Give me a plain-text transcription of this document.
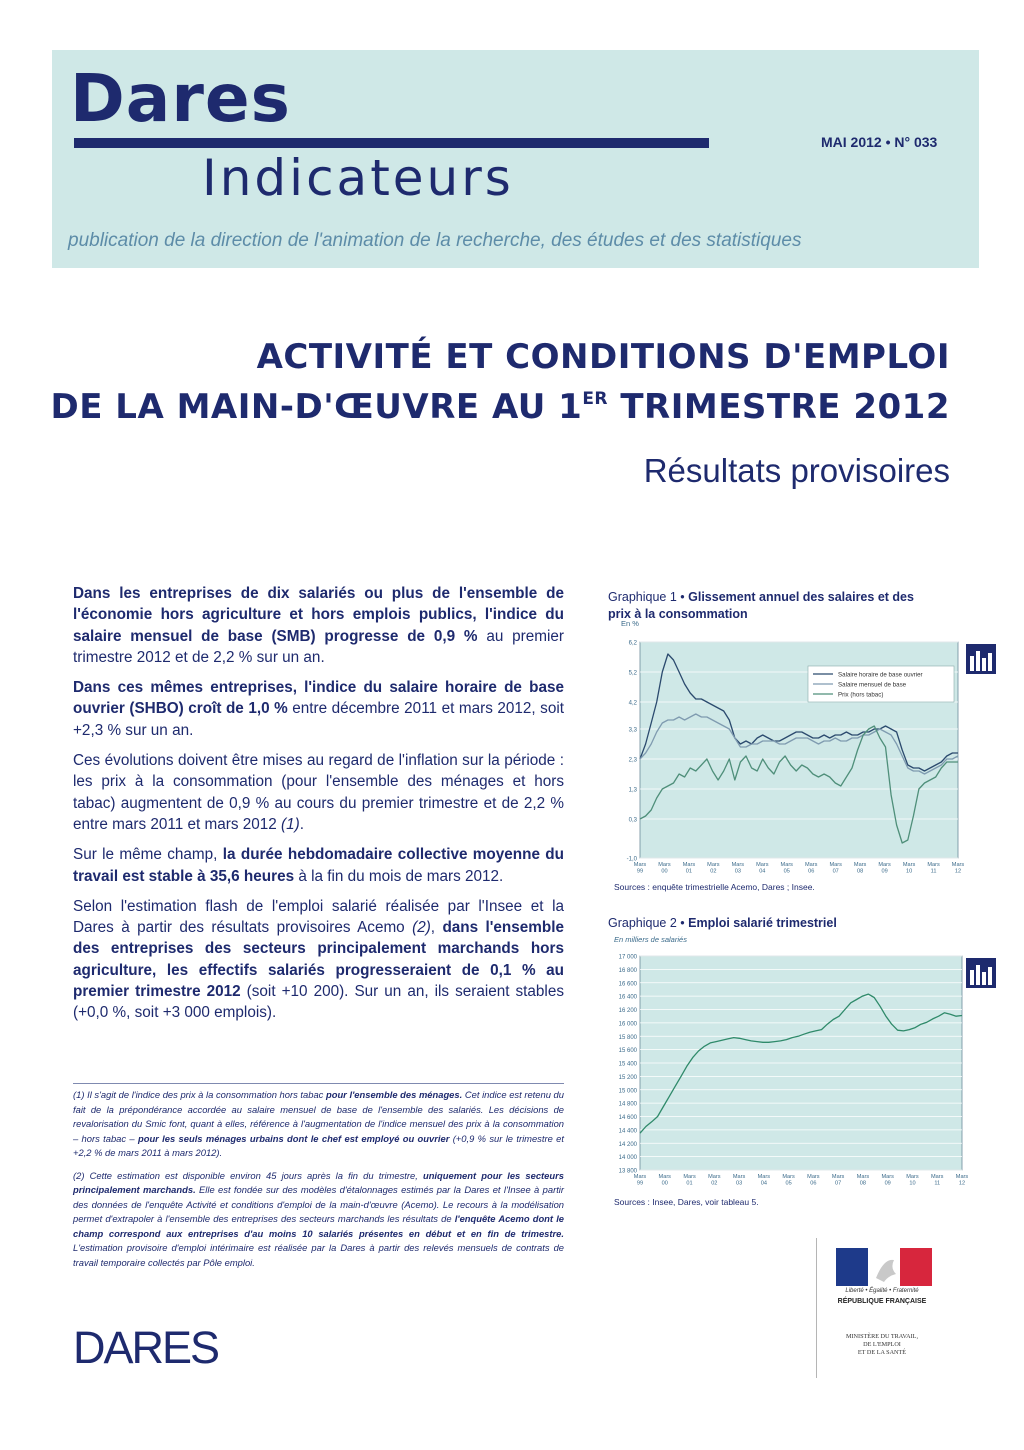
Dares
Indicateurs
MAI 2012 • N° 033
publication de la direction de l'animation de la recherche, des études et des statistiques
ACTIVITÉ ET CONDITIONS D'EMPLOI
DE LA MAIN-D'ŒUVRE AU 1ER TRIMESTRE 2012
Résultats provisoires

Dans les entreprises de dix salariés ou plus de l'ensemble de l'économie hors agriculture et hors emplois publics, l'indice du salaire mensuel de base (SMB) progresse de 0,9 % au premier trimestre 2012 et de 2,2 % sur un an.

Dans ces mêmes entreprises, l'indice du salaire horaire de base ouvrier (SHBO) croît de 1,0 % entre décembre 2011 et mars 2012, soit +2,3 % sur un an.

Ces évolutions doivent être mises au regard de l'inflation sur la période : les prix à la consommation (pour l'ensemble des ménages et hors tabac) augmentent de 0,9 % au cours du premier trimestre et de 2,2 % entre mars 2011 et mars 2012 (1).

Sur le même champ, la durée hebdomadaire collective moyenne du travail est stable à 35,6 heures à la fin du mois de mars 2012.

Selon l'estimation flash de l'emploi salarié réalisée par l'Insee et la Dares à partir des résultats provisoires Acemo (2), dans l'ensemble des entreprises des secteurs principalement marchands hors agriculture, les effectifs salariés progresseraient de 0,1 % au premier trimestre 2012 (soit +10 200). Sur un an, ils seraient stables (+0,0 %, soit +3 000 emplois).

(1) Il s'agit de l'indice des prix à la consommation hors tabac pour l'ensemble des ménages. Cet indice est retenu du fait de la prépondérance accordée au salaire mensuel de base de l'ensemble des salariés. Les décisions de revalorisation du Smic font, quant à elles, référence à l'augmentation de l'indice mensuel des prix à la consommation – hors tabac – pour les seuls ménages urbains dont le chef est employé ou ouvrier (+0,9 % sur le trimestre et +2,2 % de mars 2011 à mars 2012).

(2) Cette estimation est disponible environ 45 jours après la fin du trimestre, uniquement pour les secteurs principalement marchands. Elle est fondée sur des modèles d'étalonnages estimés par la Dares et l'Insee à partir des données de l'enquête Activité et conditions d'emploi de la main-d'œuvre (Acemo). Le recours à la modélisation permet d'extrapoler à l'ensemble des entreprises des secteurs marchands les résultats de l'enquête Acemo dont le champ correspond aux entreprises d'au moins 10 salariés présentes en début et en fin de trimestre. L'estimation provisoire d'emploi intérimaire est réalisée par la Dares à partir des relevés mensuels de contrats de travail temporaire collectés par Pôle emploi.

DARES
Graphique 1 • Glissement annuel des salaires et des prix à la consommation
En %
6,2
5,2
4,2
3,3
2,3
1,3
0,3
-1,0
Mars 99
Mars 00
Mars 01
Mars 02
Mars 03
Mars 04
Mars 05
Mars 06
Mars 07
Mars 08
Mars 09
Mars 10
Mars 11
Mars 12
Salaire horaire de base ouvrier
Salaire mensuel de base
Prix (hors tabac)
Sources : enquête trimestrielle Acemo, Dares ; Insee.
Graphique 2 • Emploi salarié trimestriel
En milliers de salariés
17 000
16 800
16 600
16 400
16 200
16 000
15 800
15 600
15 400
15 200
15 000
14 800
14 600
14 400
14 200
14 000
13 800
Mars 99
Mars 00
Mars 01
Mars 02
Mars 03
Mars 04
Mars 05
Mars 06
Mars 07
Mars 08
Mars 09
Mars 10
Mars 11
Mars 12
Sources : Insee, Dares, voir tableau 5.
Liberté • Égalité • Fraternité
RÉPUBLIQUE FRANÇAISE
MINISTÈRE DU TRAVAIL,
DE L'EMPLOI
ET DE LA SANTÉ
